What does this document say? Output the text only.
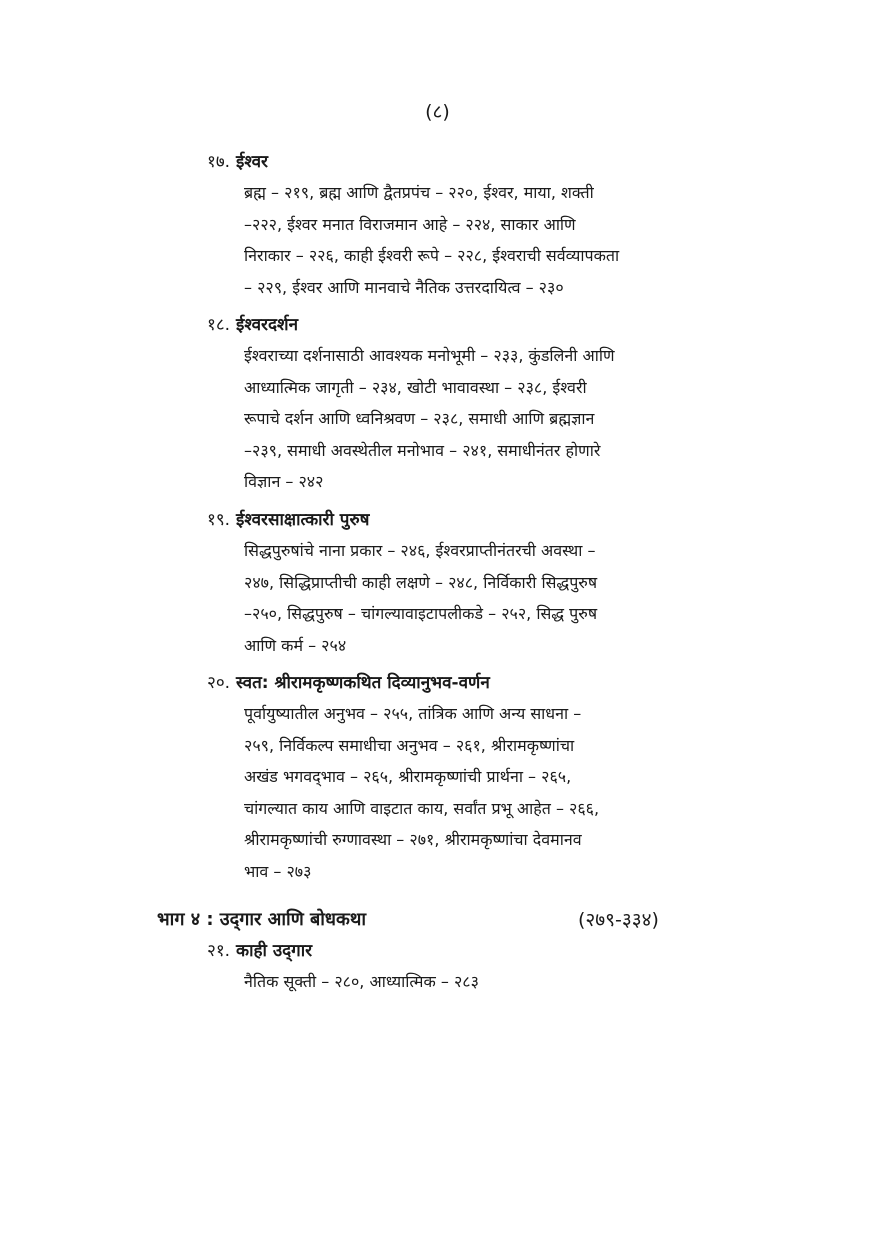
(८)
१७. ईश्वर
ब्रह्म – २१९, ब्रह्म आणि द्वैतप्रपंच – २२०, ईश्वर, माया, शक्ती
–२२२, ईश्वर मनात विराजमान आहे – २२४, साकार आणि
निराकार – २२६, काही ईश्वरी रूपे – २२८, ईश्वराची सर्वव्यापकता
– २२९, ईश्वर आणि मानवाचे नैतिक उत्तरदायित्व – २३०
१८. ईश्वरदर्शन
ईश्वराच्या दर्शनासाठी आवश्यक मनोभूमी – २३३, कुंडलिनी आणि
आध्यात्मिक जागृती – २३४, खोटी भावावस्था – २३८, ईश्वरी
रूपाचे दर्शन आणि ध्वनिश्रवण – २३८, समाधी आणि ब्रह्मज्ञान
–२३९, समाधी अवस्थेतील मनोभाव – २४१, समाधीनंतर होणारे
विज्ञान – २४२
१९. ईश्वरसाक्षात्कारी पुरुष
सिद्धपुरुषांचे नाना प्रकार – २४६, ईश्वरप्राप्तीनंतरची अवस्था –
२४७, सिद्धिप्राप्तीची काही लक्षणे – २४८, निर्विकारी सिद्धपुरुष
–२५०, सिद्धपुरुष – चांगल्यावाइटापलीकडे – २५२, सिद्ध पुरुष
आणि कर्म – २५४
२०. स्वत: श्रीरामकृष्णकथित दिव्यानुभव-वर्णन
पूर्वायुष्यातील अनुभव – २५५, तांत्रिक आणि अन्य साधना –
२५९, निर्विकल्प समाधीचा अनुभव – २६१, श्रीरामकृष्णांचा
अखंड भगवद्‌भाव – २६५, श्रीरामकृष्णांची प्रार्थना – २६५,
चांगल्यात काय आणि वाइटात काय, सर्वांत प्रभू आहेत – २६६,
श्रीरामकृष्णांची रुग्णावस्था – २७१, श्रीरामकृष्णांचा देवमानव
भाव – २७३
भाग ४ : उद्‌गार आणि बोधकथा	(२७९-३३४)
२१. काही उद्‌गार
नैतिक सूक्ती – २८०, आध्यात्मिक – २८३
